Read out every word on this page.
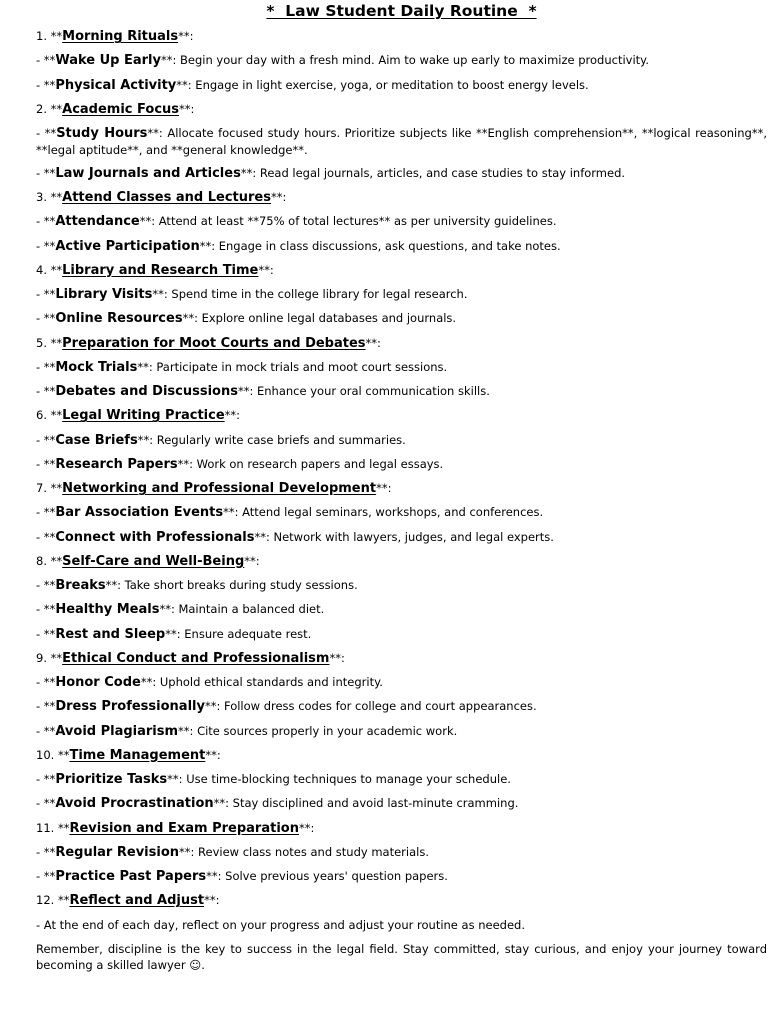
*  Law Student Daily Routine  *
1. **Morning Rituals**:
- **Wake Up Early**: Begin your day with a fresh mind. Aim to wake up early to maximize productivity.
- **Physical Activity**: Engage in light exercise, yoga, or meditation to boost energy levels.
2. **Academic Focus**:
- **Study Hours**: Allocate focused study hours. Prioritize subjects like **English comprehension**, **logical reasoning**, **legal aptitude**, and **general knowledge**.
- **Law Journals and Articles**: Read legal journals, articles, and case studies to stay informed.
3. **Attend Classes and Lectures**:
- **Attendance**: Attend at least **75% of total lectures** as per university guidelines.
- **Active Participation**: Engage in class discussions, ask questions, and take notes.
4. **Library and Research Time**:
- **Library Visits**: Spend time in the college library for legal research.
- **Online Resources**: Explore online legal databases and journals.
5. **Preparation for Moot Courts and Debates**:
- **Mock Trials**: Participate in mock trials and moot court sessions.
- **Debates and Discussions**: Enhance your oral communication skills.
6. **Legal Writing Practice**:
- **Case Briefs**: Regularly write case briefs and summaries.
- **Research Papers**: Work on research papers and legal essays.
7. **Networking and Professional Development**:
- **Bar Association Events**: Attend legal seminars, workshops, and conferences.
- **Connect with Professionals**: Network with lawyers, judges, and legal experts.
8. **Self-Care and Well-Being**:
- **Breaks**: Take short breaks during study sessions.
- **Healthy Meals**: Maintain a balanced diet.
- **Rest and Sleep**: Ensure adequate rest.
9. **Ethical Conduct and Professionalism**:
- **Honor Code**: Uphold ethical standards and integrity.
- **Dress Professionally**: Follow dress codes for college and court appearances.
- **Avoid Plagiarism**: Cite sources properly in your academic work.
10. **Time Management**:
- **Prioritize Tasks**: Use time-blocking techniques to manage your schedule.
- **Avoid Procrastination**: Stay disciplined and avoid last-minute cramming.
11. **Revision and Exam Preparation**:
- **Regular Revision**: Review class notes and study materials.
- **Practice Past Papers**: Solve previous years' question papers.
12. **Reflect and Adjust**:
- At the end of each day, reflect on your progress and adjust your routine as needed.
Remember, discipline is the key to success in the legal field. Stay committed, stay curious, and enjoy your journey toward becoming a skilled lawyer ☺.
